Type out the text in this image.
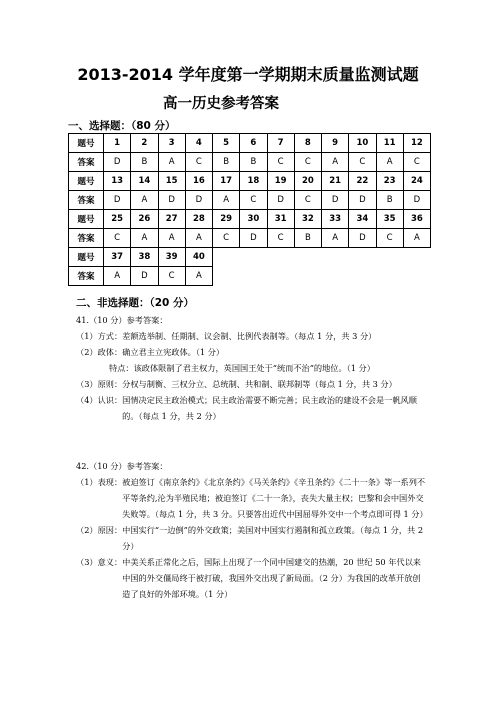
2013-2014 学年度第一学期期末质量监测试题
高一历史参考答案
一、选择题：（80 分）
题号	1	2	3	4	5	6	7	8	9	10	11	12
答案	D	B	A	C	B	B	C	C	A	C	A	C
题号	13	14	15	16	17	18	19	20	21	22	23	24
答案	D	A	D	D	A	C	D	C	D	D	B	D
题号	25	26	27	28	29	30	31	32	33	34	35	36
答案	C	A	A	A	C	D	C	B	A	D	C	A
题号	37	38	39	40								
答案	A	D	C	A								
二、非选择题：（20 分）
41.（10 分）参考答案：
（1）方式： 差额选举制、任期制、议会制、比例代表制等。（每点 1 分，共 3 分）
（2）政体： 确立君主立宪政体。（1 分）
特点： 该政体限制了君主权力，英国国王处于“统而不治”的地位。（1 分）
（3）原则： 分权与制衡、三权分立、总统制、共和制、联邦制等（每点 1 分，共 3 分）
（4）认识： 国情决定民主政治模式；民主政治需要不断完善；民主政治的建设不会是一帆风顺的。（每点 1 分，共 2 分）
42.（10 分）参考答案：
（1）表现： 被迫签订《南京条约》《北京条约》《马关条约》《辛丑条约》《二十一条》等一系列不平等条约,沦为半殖民地；被迫签订《二十一条》，丧失大量主权；巴黎和会中国外交失败等。（每点 1 分，共 3 分。只要答出近代中国屈辱外交中一个考点即可得 1 分）
（2）原因： 中国实行“一边倒”的外交政策；美国对中国实行遏制和孤立政策。（每点 1 分，共 2 分）
（3）意义： 中美关系正常化之后，国际上出现了一个同中国建交的热潮，20 世纪 50 年代以来中国的外交僵局终于被打破，我国外交出现了新局面。（2 分）为我国的改革开放创造了良好的外部环境。（1 分）
